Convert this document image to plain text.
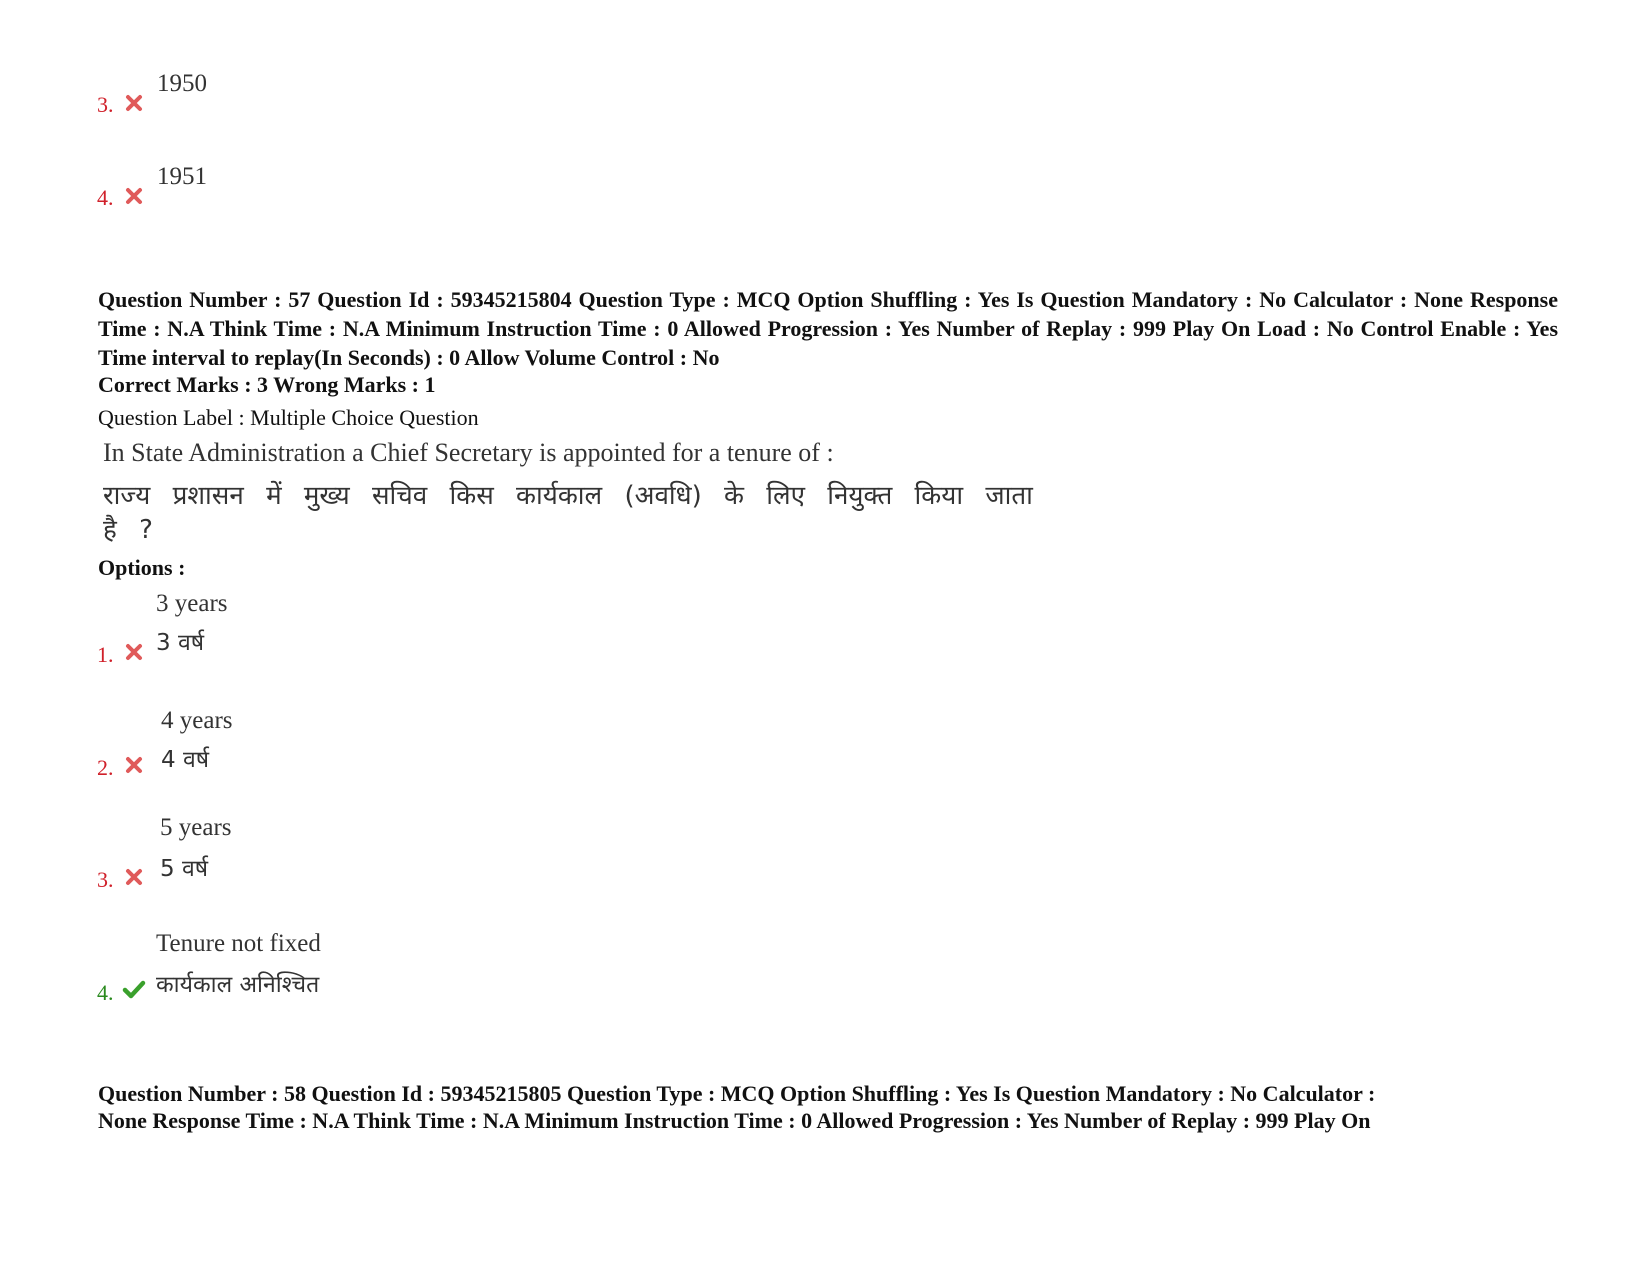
3.
1950
4.
1951
Question Number : 57 Question Id : 59345215804 Question Type : MCQ Option Shuffling : Yes Is Question Mandatory : No Calculator : None Response Time : N.A Think Time : N.A Minimum Instruction Time : 0 Allowed Progression : Yes Number of Replay : 999 Play On Load : No Control Enable : Yes Time interval to replay(In Seconds) : 0 Allow Volume Control : No
Correct Marks : 3 Wrong Marks : 1
Question Label : Multiple Choice Question
In State Administration a Chief Secretary is appointed for a tenure of :
राज्य प्रशासन में मुख्य सचिव किस कार्यकाल (अवधि) के लिए नियुक्त किया जाता
है ?
Options :
3 years
3 वर्ष
1.
4 years
4 वर्ष
2.
5 years
5 वर्ष
3.
Tenure not fixed
कार्यकाल अनिश्चित
4.
Question Number : 58 Question Id : 59345215805 Question Type : MCQ Option Shuffling : Yes Is Question Mandatory : No Calculator :
None Response Time : N.A Think Time : N.A Minimum Instruction Time : 0 Allowed Progression : Yes Number of Replay : 999 Play On
